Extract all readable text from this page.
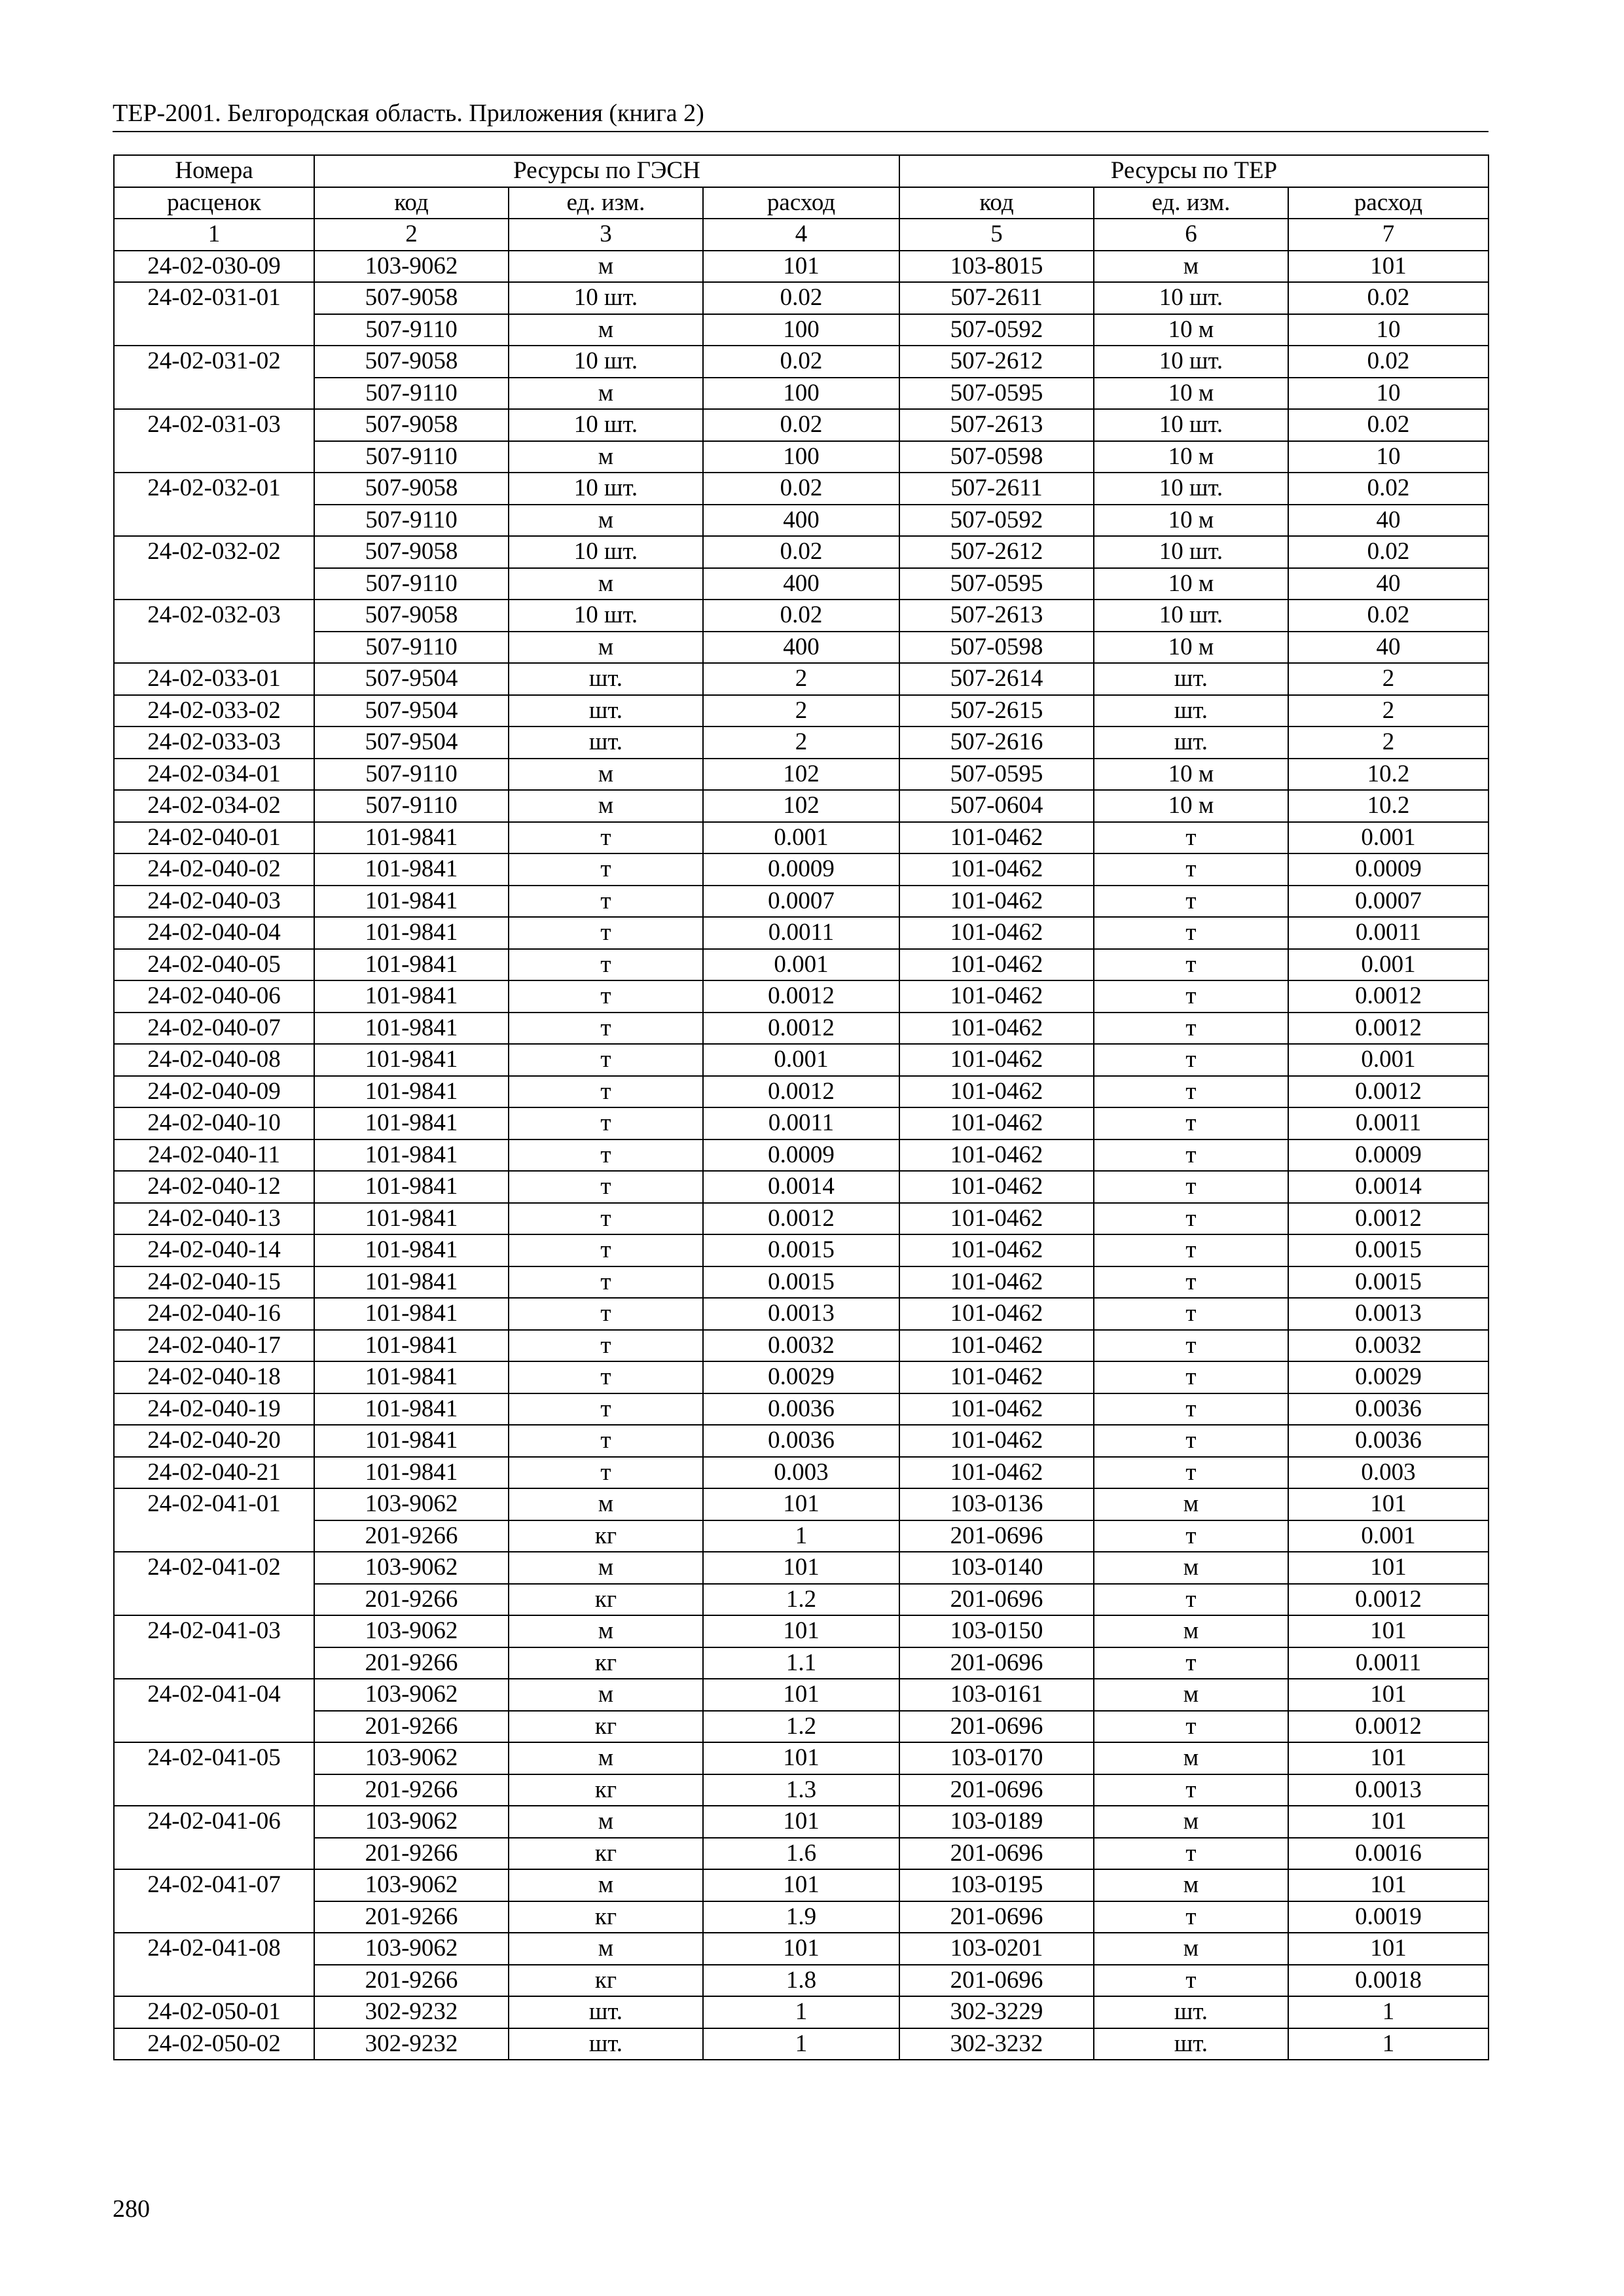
ТЕР-2001. Белгородская область. Приложения (книга 2)
Номера	Ресурсы по ГЭСН			Ресурсы по ТЕР		
расценок	код	ед. изм.	расход	код	ед. изм.	расход
1	2	3	4	5	6	7
24-02-030-09	103-9062	м	101	103-8015	м	101
24-02-031-01	507-9058	10 шт.	0.02	507-2611	10 шт.	0.02
	507-9110	м	100	507-0592	10 м	10
24-02-031-02	507-9058	10 шт.	0.02	507-2612	10 шт.	0.02
	507-9110	м	100	507-0595	10 м	10
24-02-031-03	507-9058	10 шт.	0.02	507-2613	10 шт.	0.02
	507-9110	м	100	507-0598	10 м	10
24-02-032-01	507-9058	10 шт.	0.02	507-2611	10 шт.	0.02
	507-9110	м	400	507-0592	10 м	40
24-02-032-02	507-9058	10 шт.	0.02	507-2612	10 шт.	0.02
	507-9110	м	400	507-0595	10 м	40
24-02-032-03	507-9058	10 шт.	0.02	507-2613	10 шт.	0.02
	507-9110	м	400	507-0598	10 м	40
24-02-033-01	507-9504	шт.	2	507-2614	шт.	2
24-02-033-02	507-9504	шт.	2	507-2615	шт.	2
24-02-033-03	507-9504	шт.	2	507-2616	шт.	2
24-02-034-01	507-9110	м	102	507-0595	10 м	10.2
24-02-034-02	507-9110	м	102	507-0604	10 м	10.2
24-02-040-01	101-9841	т	0.001	101-0462	т	0.001
24-02-040-02	101-9841	т	0.0009	101-0462	т	0.0009
24-02-040-03	101-9841	т	0.0007	101-0462	т	0.0007
24-02-040-04	101-9841	т	0.0011	101-0462	т	0.0011
24-02-040-05	101-9841	т	0.001	101-0462	т	0.001
24-02-040-06	101-9841	т	0.0012	101-0462	т	0.0012
24-02-040-07	101-9841	т	0.0012	101-0462	т	0.0012
24-02-040-08	101-9841	т	0.001	101-0462	т	0.001
24-02-040-09	101-9841	т	0.0012	101-0462	т	0.0012
24-02-040-10	101-9841	т	0.0011	101-0462	т	0.0011
24-02-040-11	101-9841	т	0.0009	101-0462	т	0.0009
24-02-040-12	101-9841	т	0.0014	101-0462	т	0.0014
24-02-040-13	101-9841	т	0.0012	101-0462	т	0.0012
24-02-040-14	101-9841	т	0.0015	101-0462	т	0.0015
24-02-040-15	101-9841	т	0.0015	101-0462	т	0.0015
24-02-040-16	101-9841	т	0.0013	101-0462	т	0.0013
24-02-040-17	101-9841	т	0.0032	101-0462	т	0.0032
24-02-040-18	101-9841	т	0.0029	101-0462	т	0.0029
24-02-040-19	101-9841	т	0.0036	101-0462	т	0.0036
24-02-040-20	101-9841	т	0.0036	101-0462	т	0.0036
24-02-040-21	101-9841	т	0.003	101-0462	т	0.003
24-02-041-01	103-9062	м	101	103-0136	м	101
	201-9266	кг	1	201-0696	т	0.001
24-02-041-02	103-9062	м	101	103-0140	м	101
	201-9266	кг	1.2	201-0696	т	0.0012
24-02-041-03	103-9062	м	101	103-0150	м	101
	201-9266	кг	1.1	201-0696	т	0.0011
24-02-041-04	103-9062	м	101	103-0161	м	101
	201-9266	кг	1.2	201-0696	т	0.0012
24-02-041-05	103-9062	м	101	103-0170	м	101
	201-9266	кг	1.3	201-0696	т	0.0013
24-02-041-06	103-9062	м	101	103-0189	м	101
	201-9266	кг	1.6	201-0696	т	0.0016
24-02-041-07	103-9062	м	101	103-0195	м	101
	201-9266	кг	1.9	201-0696	т	0.0019
24-02-041-08	103-9062	м	101	103-0201	м	101
	201-9266	кг	1.8	201-0696	т	0.0018
24-02-050-01	302-9232	шт.	1	302-3229	шт.	1
24-02-050-02	302-9232	шт.	1	302-3232	шт.	1
280
